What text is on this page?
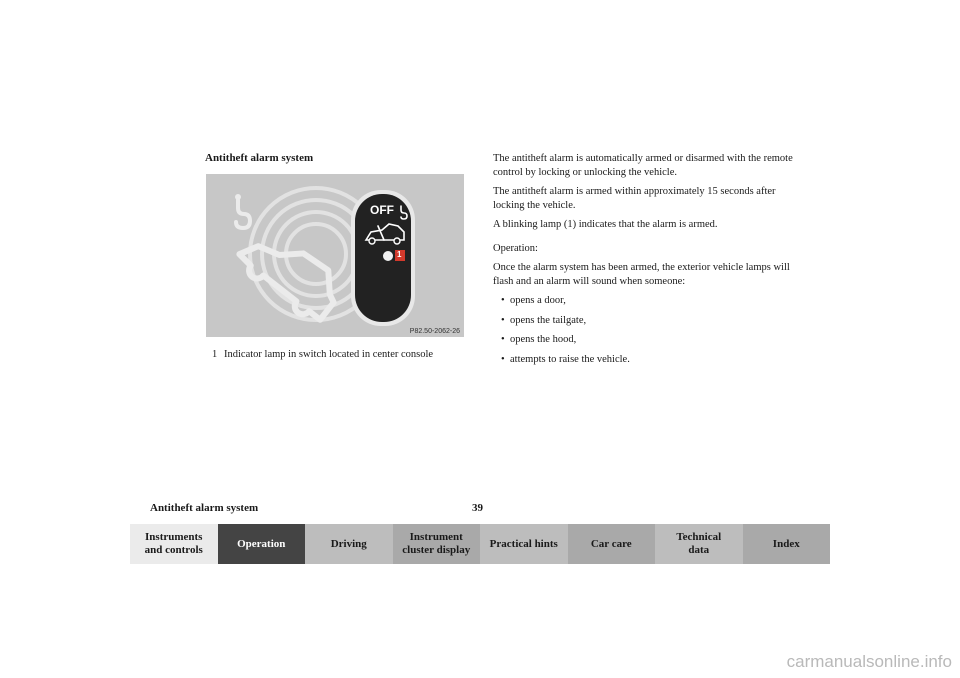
Antitheft alarm system
OFF
1
P82.50-2062-26
1 Indicator lamp in switch located in center console

The antitheft alarm is automatically armed or disarmed with the remote control by locking or unlocking the vehicle.

The antitheft alarm is armed within approximately 15 seconds after locking the vehicle.

A blinking lamp (1) indicates that the alarm is armed.

Operation:

Once the alarm system has been armed, the exterior vehicle lamps will flash and an alarm will sound when someone:

• opens a door,
• opens the tailgate,
• opens the hood,
• attempts to raise the vehicle.
Antitheft alarm system	39
Instruments and controls
Operation	Driving
Instrument cluster display
Practical hints	Car care
Technical data
Index
carmanualsonline.info
